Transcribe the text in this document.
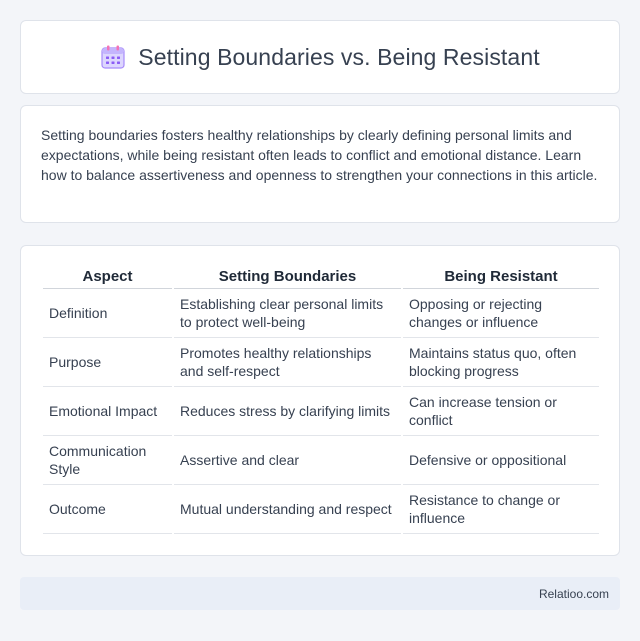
Setting Boundaries vs. Being Resistant

Setting boundaries fosters healthy relationships by clearly defining personal limits and expectations, while being resistant often leads to conflict and emotional distance. Learn how to balance assertiveness and openness to strengthen your connections in this article.

Aspect	Setting Boundaries	Being Resistant
Definition	Establishing clear personal limits to protect well-being	Opposing or rejecting changes or influence
Purpose	Promotes healthy relationships and self-respect	Maintains status quo, often blocking progress
Emotional Impact	Reduces stress by clarifying limits	Can increase tension or conflict
Communication Style	Assertive and clear	Defensive or oppositional
Outcome	Mutual understanding and respect	Resistance to change or influence
Relatioo.com
